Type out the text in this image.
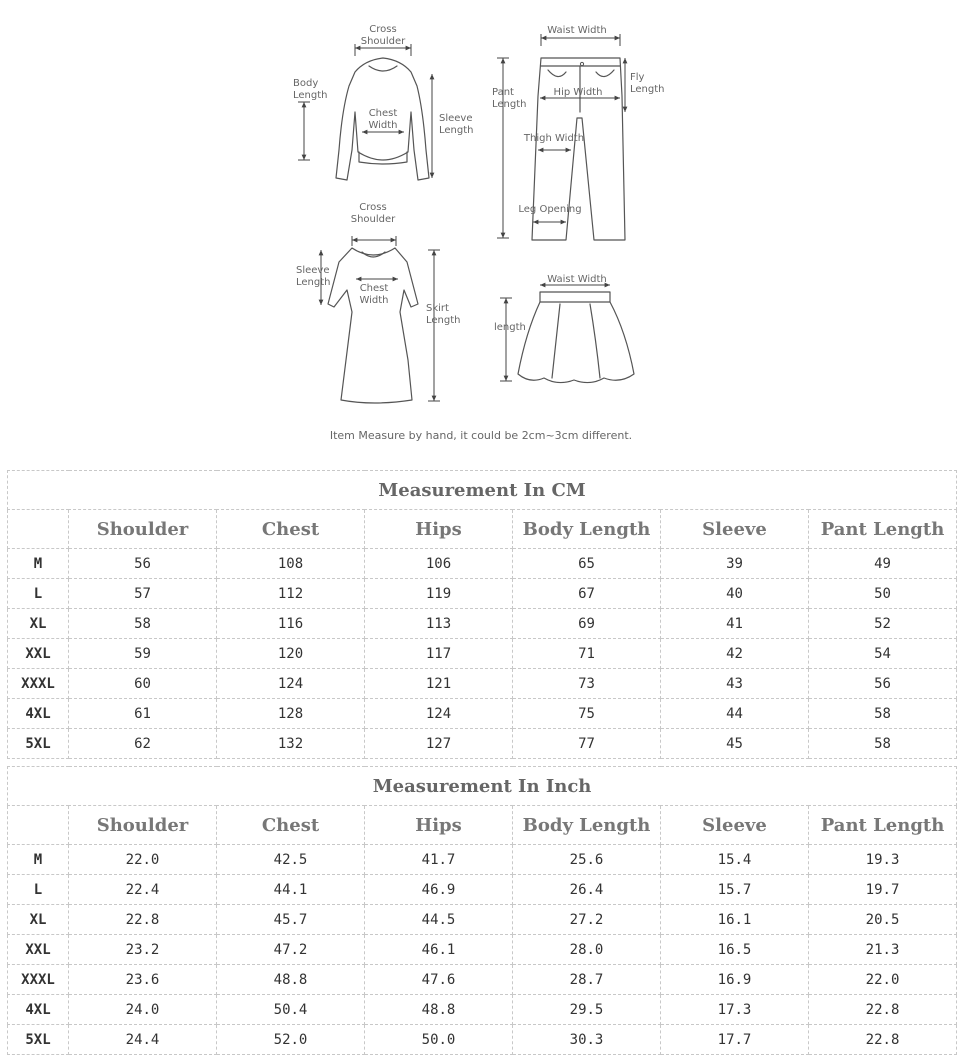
Cross Shoulder
Body Length
Chest Width
Sleeve Length
Waist Width
Pant Length
Hip Width
Fly Length
Thigh Width
Leg Opening
Cross Shoulder
Sleeve Length
Chest Width
Skirt Length
Waist Width
length
Item Measure by hand, it could be 2cm~3cm different.
Measurement In CM						
	Shoulder	Chest	Hips	Body Length	Sleeve	Pant Length
M	56	108	106	65	39	49
L	57	112	119	67	40	50
XL	58	116	113	69	41	52
XXL	59	120	117	71	42	54
XXXL	60	124	121	73	43	56
4XL	61	128	124	75	44	58
5XL	62	132	127	77	45	58
Measurement In Inch						
	Shoulder	Chest	Hips	Body Length	Sleeve	Pant Length
M	22.0	42.5	41.7	25.6	15.4	19.3
L	22.4	44.1	46.9	26.4	15.7	19.7
XL	22.8	45.7	44.5	27.2	16.1	20.5
XXL	23.2	47.2	46.1	28.0	16.5	21.3
XXXL	23.6	48.8	47.6	28.7	16.9	22.0
4XL	24.0	50.4	48.8	29.5	17.3	22.8
5XL	24.4	52.0	50.0	30.3	17.7	22.8
